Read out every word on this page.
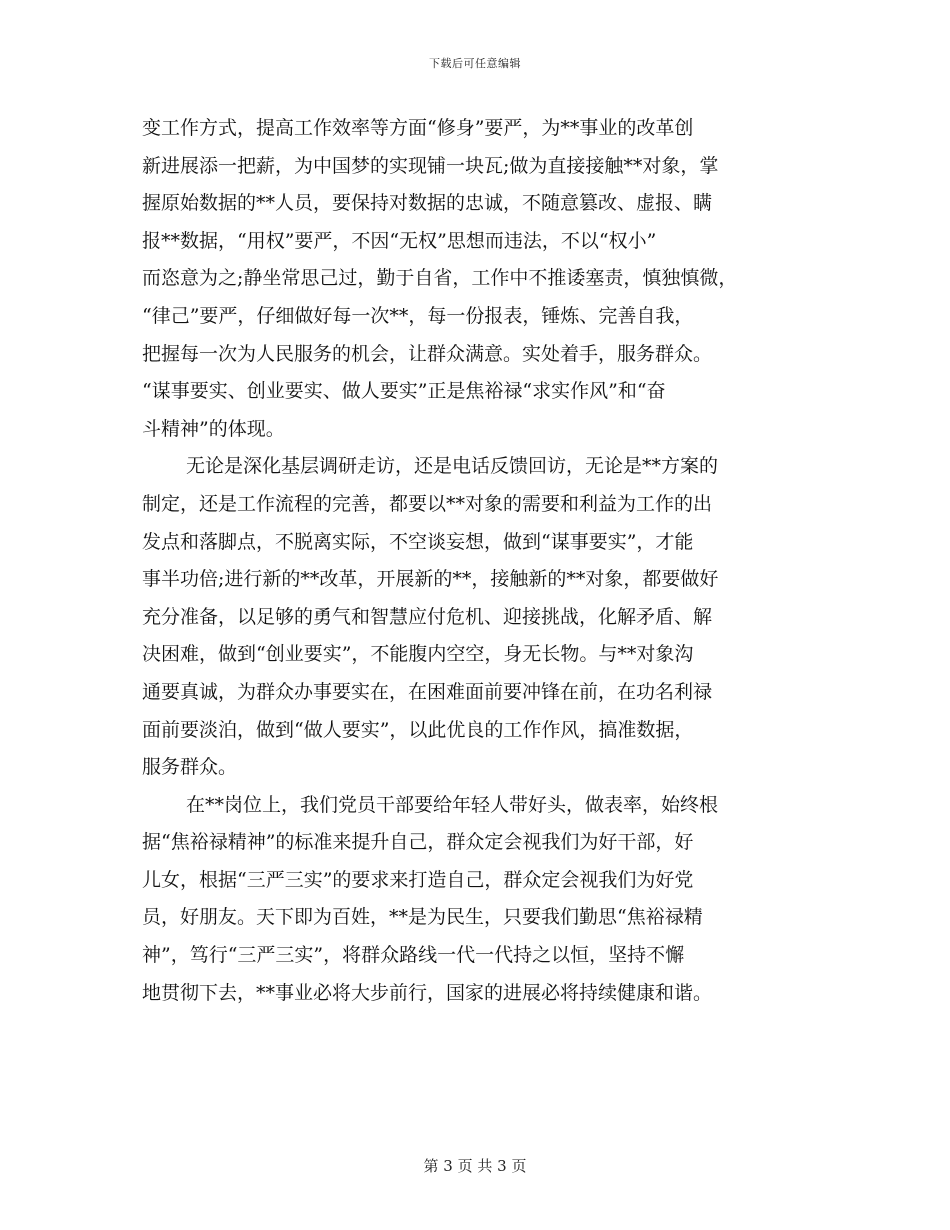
下载后可任意编辑
变工作方式，提高工作效率等方面“修身”要严，为**事业的改革创
新进展添一把薪，为中国梦的实现铺一块瓦;做为直接接触**对象，掌
握原始数据的**人员，要保持对数据的忠诚，不随意篡改、虚报、瞒
报**数据，“用权”要严，不因“无权”思想而违法，不以“权小”
而恣意为之;静坐常思己过，勤于自省，工作中不推诿塞责，慎独慎微，
“律己”要严，仔细做好每一次**，每一份报表，锤炼、完善自我，
把握每一次为人民服务的机会，让群众满意。实处着手，服务群众。
“谋事要实、创业要实、做人要实”正是焦裕禄“求实作风”和“奋
斗精神”的体现。
无论是深化基层调研走访，还是电话反馈回访，无论是**方案的
制定，还是工作流程的完善，都要以**对象的需要和利益为工作的出
发点和落脚点，不脱离实际，不空谈妄想，做到“谋事要实”，才能
事半功倍;进行新的**改革，开展新的**，接触新的**对象，都要做好
充分准备，以足够的勇气和智慧应付危机、迎接挑战，化解矛盾、解
决困难，做到“创业要实”，不能腹内空空，身无长物。与**对象沟
通要真诚，为群众办事要实在，在困难面前要冲锋在前，在功名利禄
面前要淡泊，做到“做人要实”，以此优良的工作作风，搞准数据，
服务群众。
在**岗位上，我们党员干部要给年轻人带好头，做表率，始终根
据“焦裕禄精神”的标准来提升自己，群众定会视我们为好干部，好
儿女，根据“三严三实”的要求来打造自己，群众定会视我们为好党
员，好朋友。天下即为百姓，**是为民生，只要我们勤思“焦裕禄精
神”，笃行“三严三实”，将群众路线一代一代持之以恒，坚持不懈
地贯彻下去，**事业必将大步前行，国家的进展必将持续健康和谐。
第 3 页 共 3 页
